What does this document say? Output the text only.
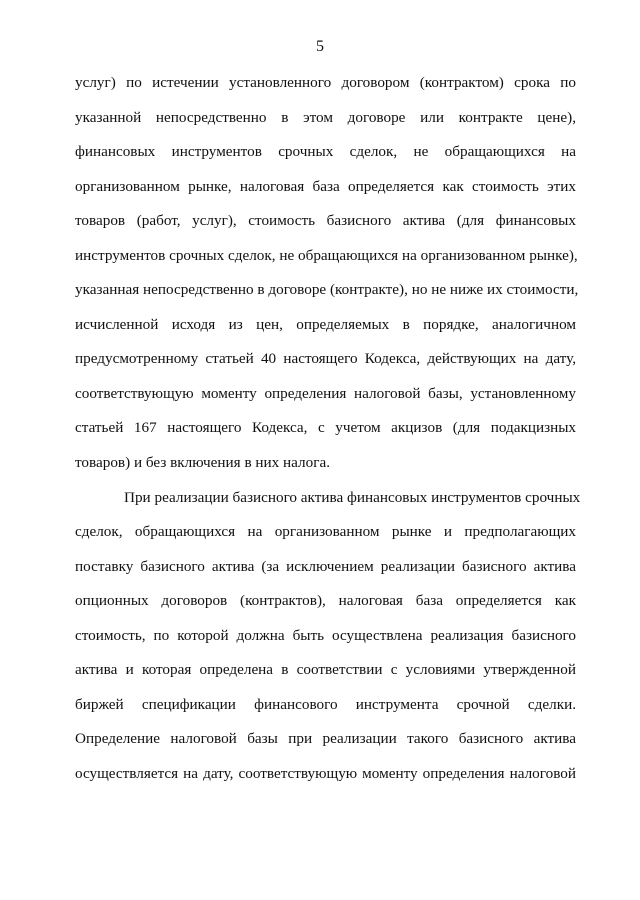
5
услуг) по истечении установленного договором (контрактом) срока по
указанной непосредственно в этом договоре или контракте цене),
финансовых инструментов срочных сделок, не обращающихся на
организованном рынке, налоговая база определяется как стоимость этих
товаров (работ, услуг), стоимость базисного актива (для финансовых
инструментов срочных сделок, не обращающихся на организованном рынке),
указанная непосредственно в договоре (контракте), но не ниже их стоимости,
исчисленной исходя из цен, определяемых в порядке, аналогичном
предусмотренному статьей 40 настоящего Кодекса, действующих на дату,
соответствующую моменту определения налоговой базы, установленному
статьей 167 настоящего Кодекса, с учетом акцизов (для подакцизных
товаров) и без включения в них налога.
При реализации базисного актива финансовых инструментов срочных
сделок, обращающихся на организованном рынке и предполагающих
поставку базисного актива (за исключением реализации базисного актива
опционных договоров (контрактов), налоговая база определяется как
стоимость, по которой должна быть осуществлена реализация базисного
актива и которая определена в соответствии с условиями утвержденной
биржей спецификации финансового инструмента срочной сделки.
Определение налоговой базы при реализации такого базисного актива
осуществляется на дату, соответствующую моменту определения налоговой
